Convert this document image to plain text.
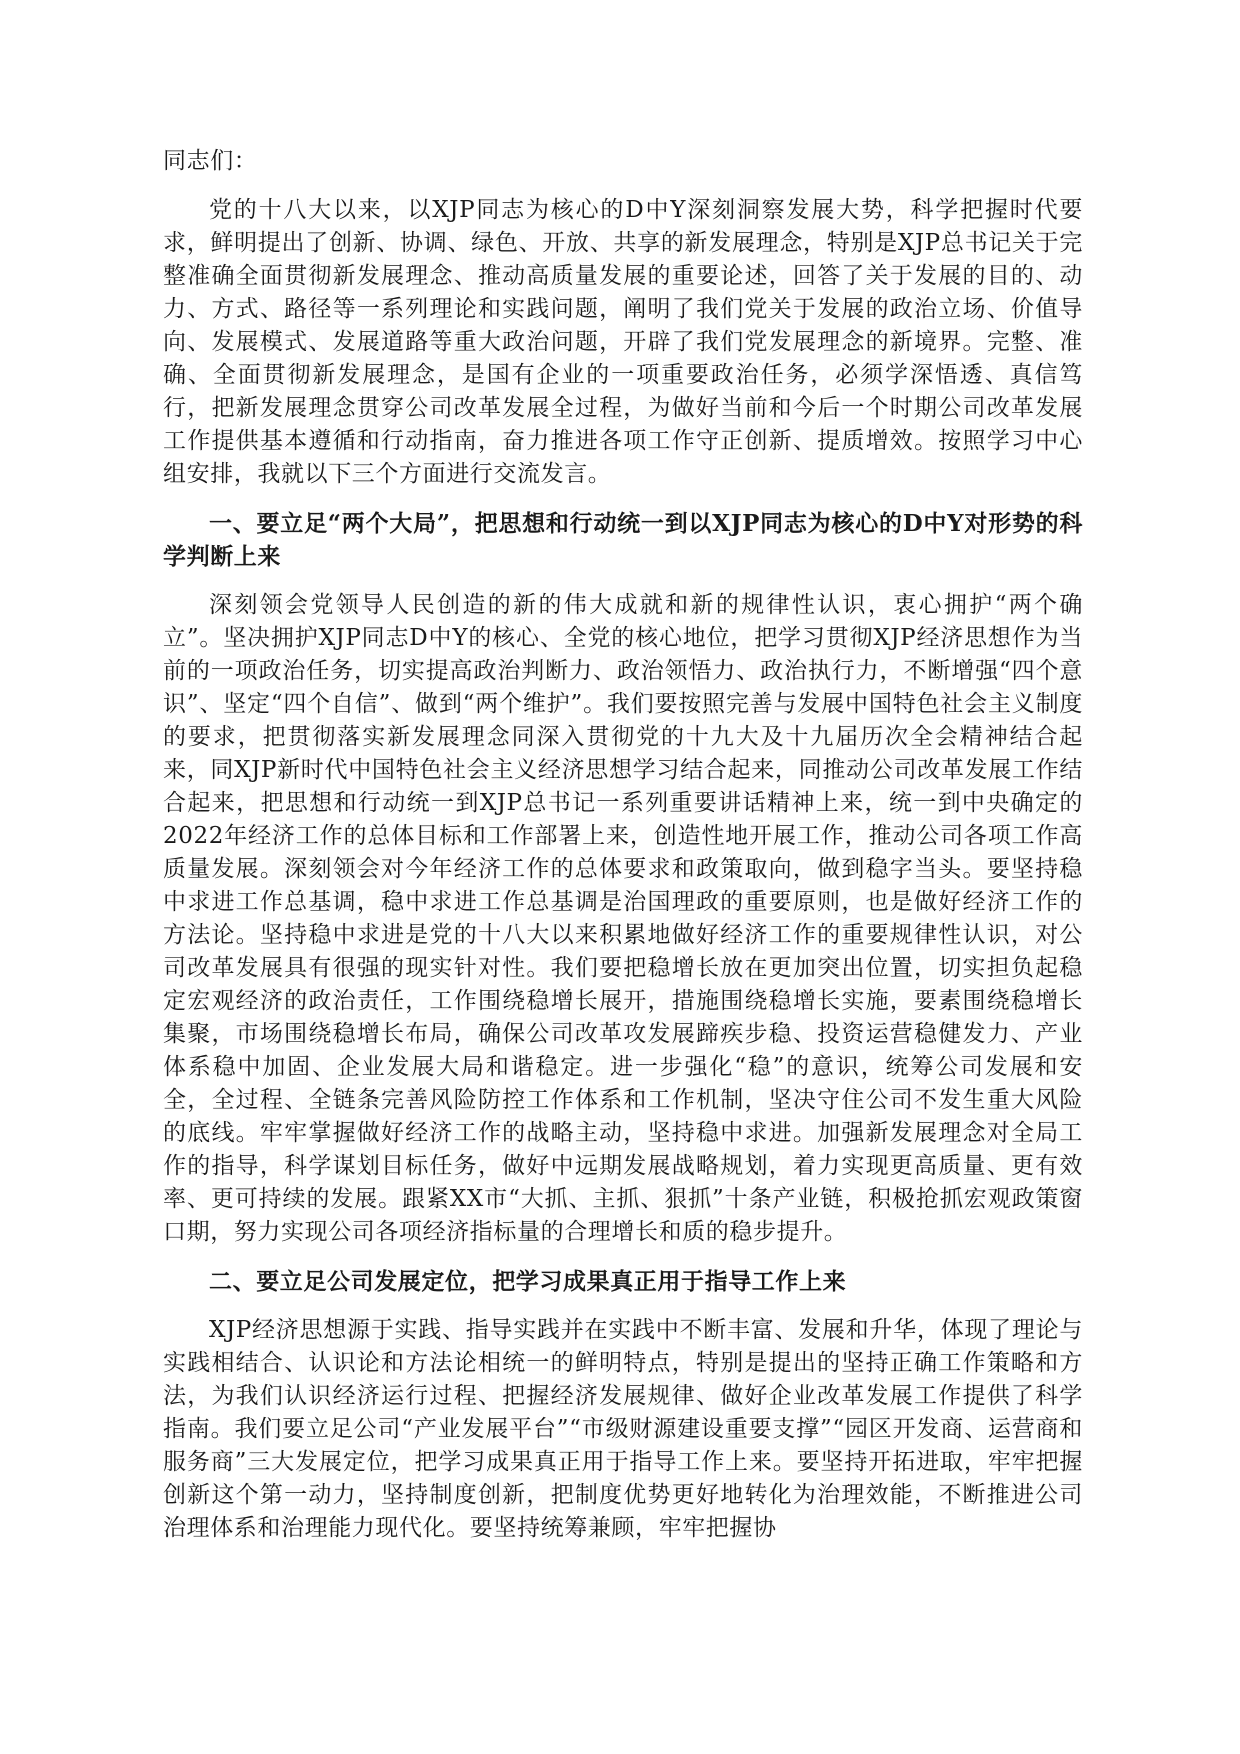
同志们：

党的十八大以来，以XJP同志为核心的D中Y深刻洞察发展大势，科学把握时代要求，鲜明提出了创新、协调、绿色、开放、共享的新发展理念，特别是XJP总书记关于完整准确全面贯彻新发展理念、推动高质量发展的重要论述，回答了关于发展的目的、动力、方式、路径等一系列理论和实践问题，阐明了我们党关于发展的政治立场、价值导向、发展模式、发展道路等重大政治问题，开辟了我们党发展理念的新境界。完整、准确、全面贯彻新发展理念，是国有企业的一项重要政治任务，必须学深悟透、真信笃行，把新发展理念贯穿公司改革发展全过程，为做好当前和今后一个时期公司改革发展工作提供基本遵循和行动指南，奋力推进各项工作守正创新、提质增效。按照学习中心组安排，我就以下三个方面进行交流发言。

一、要立足“两个大局”，把思想和行动统一到以XJP同志为核心的D中Y对形势的科学判断上来

深刻领会党领导人民创造的新的伟大成就和新的规律性认识，衷心拥护“两个确立”。坚决拥护XJP同志D中Y的核心、全党的核心地位，把学习贯彻XJP经济思想作为当前的一项政治任务，切实提高政治判断力、政治领悟力、政治执行力，不断增强“四个意识”、坚定“四个自信”、做到“两个维护”。我们要按照完善与发展中国特色社会主义制度的要求，把贯彻落实新发展理念同深入贯彻党的十九大及十九届历次全会精神结合起来，同XJP新时代中国特色社会主义经济思想学习结合起来，同推动公司改革发展工作结合起来，把思想和行动统一到XJP总书记一系列重要讲话精神上来，统一到中央确定的2022年经济工作的总体目标和工作部署上来，创造性地开展工作，推动公司各项工作高质量发展。深刻领会对今年经济工作的总体要求和政策取向，做到稳字当头。要坚持稳中求进工作总基调，稳中求进工作总基调是治国理政的重要原则，也是做好经济工作的方法论。坚持稳中求进是党的十八大以来积累地做好经济工作的重要规律性认识，对公司改革发展具有很强的现实针对性。我们要把稳增长放在更加突出位置，切实担负起稳定宏观经济的政治责任，工作围绕稳增长展开，措施围绕稳增长实施，要素围绕稳增长集聚，市场围绕稳增长布局，确保公司改革攻发展蹄疾步稳、投资运营稳健发力、产业体系稳中加固、企业发展大局和谐稳定。进一步强化“稳”的意识，统筹公司发展和安全，全过程、全链条完善风险防控工作体系和工作机制，坚决守住公司不发生重大风险的底线。牢牢掌握做好经济工作的战略主动，坚持稳中求进。加强新发展理念对全局工作的指导，科学谋划目标任务，做好中远期发展战略规划，着力实现更高质量、更有效率、更可持续的发展。跟紧XX市“大抓、主抓、狠抓”十条产业链，积极抢抓宏观政策窗口期，努力实现公司各项经济指标量的合理增长和质的稳步提升。

二、要立足公司发展定位，把学习成果真正用于指导工作上来

XJP经济思想源于实践、指导实践并在实践中不断丰富、发展和升华，体现了理论与实践相结合、认识论和方法论相统一的鲜明特点，特别是提出的坚持正确工作策略和方法，为我们认识经济运行过程、把握经济发展规律、做好企业改革发展工作提供了科学指南。我们要立足公司“产业发展平台”“市级财源建设重要支撑”“园区开发商、运营商和服务商”三大发展定位，把学习成果真正用于指导工作上来。要坚持开拓进取，牢牢把握创新这个第一动力，坚持制度创新，把制度优势更好地转化为治理效能，不断推进公司治理体系和治理能力现代化。要坚持统筹兼顾，牢牢把握协
